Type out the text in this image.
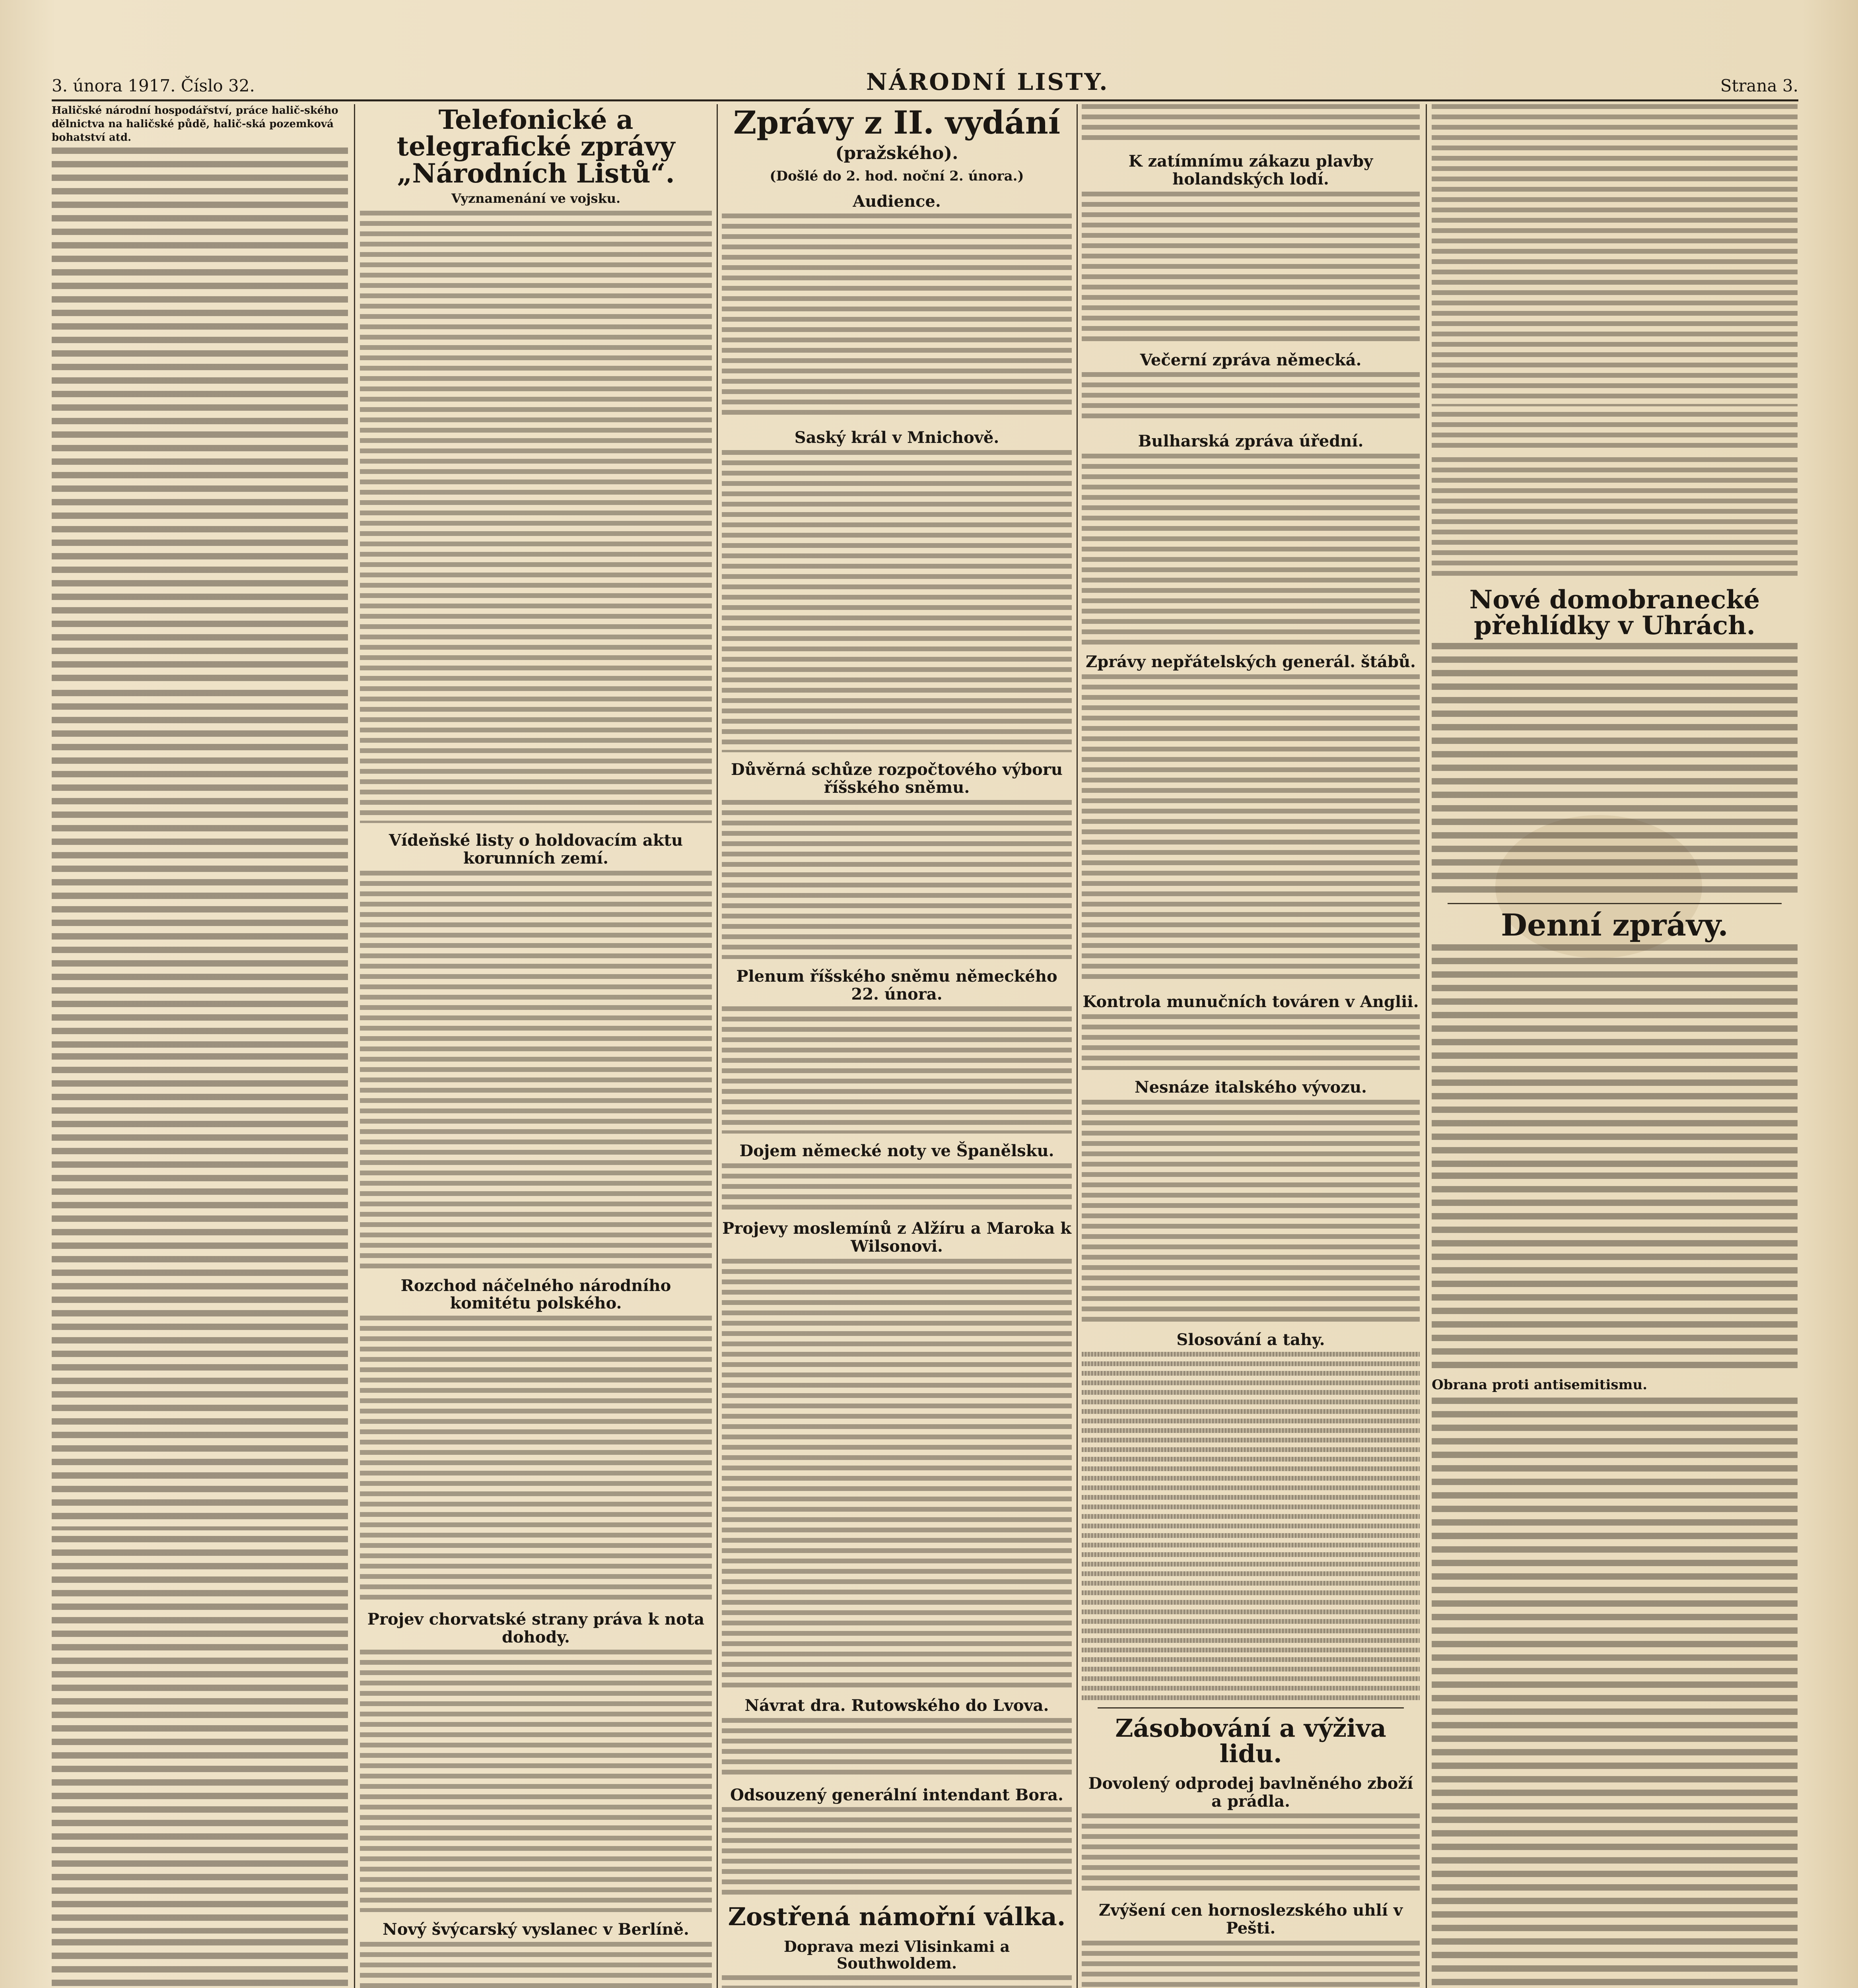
3. února 1917. Číslo 32.	NÁRODNÍ LISTY.	Strana 3.
Haličské národní hospodářství, práce halič-ského dělnictva na haličské půdě, halič-ská pozemková bohatství atd.
Telefonické a telegrafické zprávy „Národních Listů“.
Vyznamenání ve vojsku.
Vídeňské listy o holdovacím aktu korunních zemí.
Rozchod náčelného národního komitétu polského.
Projev chorvatské strany práva k nota dohody.
Nový švýcarský vyslanec v Berlíně.
Zprávy z II. vydání
(pražského).
(Došlé do 2. hod. noční 2. února.)
Audience.
Saský král v Mnichově.
Důvěrná schůze rozpočtového výboru říšského sněmu.
Plenum říšského sněmu německého 22. února.
Dojem německé noty ve Španělsku.
Projevy moslemínů z Alžíru a Maroka k Wilsonovi.
Návrat dra. Rutowského do Lvova.
Odsouzený generální intendant Bora.
Zostřená námořní válka.
Doprava mezi Vlisinkami a Southwoldem.
K zatímnímu zákazu plavby holandských lodí.
Večerní zpráva německá.
Bulharská zpráva úřední.
Zprávy nepřátelských generál. štábů.
Kontrola munučních továren v Anglii.
Nesnáze italského vývozu.
Slosování a tahy.
Zásobování a výživa lidu.
Dovolený odprodej bavlněného zboží a prádla.
Zvýšení cen hornoslezského uhlí v Pešti.
Nové domobranecké přehlídky v Uhrách.
Denní zprávy.
Obrana proti antisemitismu.
